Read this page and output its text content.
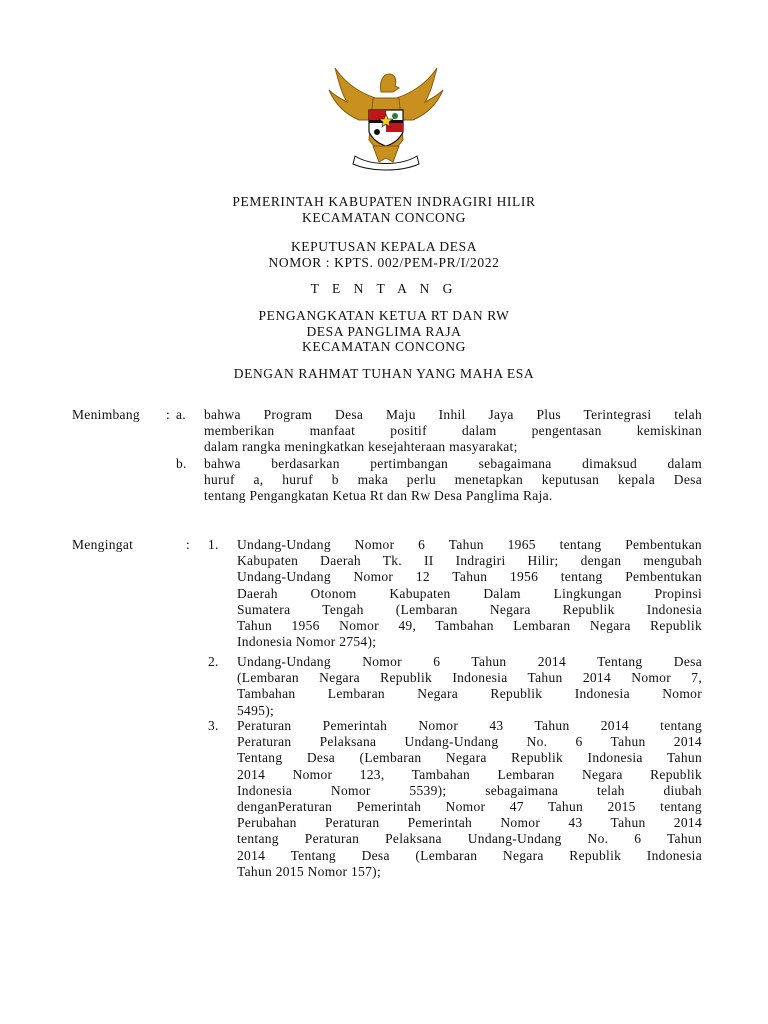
PEMERINTAH KABUPATEN INDRAGIRI HILIR
KECAMATAN CONCONG
KEPUTUSAN KEPALA DESA
NOMOR : KPTS. 002/PEM-PR/I/2022
T E N T A N G
PENGANGKATAN KETUA RT DAN RW
DESA PANGLIMA RAJA
KECAMATAN CONCONG
DENGAN RAHMAT TUHAN YANG MAHA ESA
Menimbang : a. bahwa Program Desa Maju Inhil Jaya Plus Terintegrasi telah
memberikan manfaat positif dalam pengentasan kemiskinan
dalam rangka meningkatkan kesejahteraan masyarakat;
b. bahwa berdasarkan pertimbangan sebagaimana dimaksud dalam
huruf a, huruf b maka perlu menetapkan keputusan kepala Desa
tentang Pengangkatan Ketua Rt dan Rw Desa Panglima Raja.
Mengingat	: 1. Undang-Undang Nomor 6 Tahun 1965 tentang Pembentukan
Kabupaten Daerah Tk. II Indragiri Hilir; dengan mengubah
Undang-Undang Nomor 12 Tahun 1956 tentang Pembentukan
Daerah Otonom Kabupaten Dalam Lingkungan Propinsi
Sumatera Tengah (Lembaran Negara Republik Indonesia
Tahun 1956 Nomor 49, Tambahan Lembaran Negara Republik
Indonesia Nomor 2754);
2. Undang-Undang Nomor 6 Tahun 2014 Tentang Desa
(Lembaran Negara Republik Indonesia Tahun 2014 Nomor 7,
Tambahan Lembaran Negara Republik Indonesia Nomor
5495);
3. Peraturan Pemerintah Nomor 43 Tahun 2014 tentang
Peraturan Pelaksana Undang-Undang No. 6 Tahun 2014
Tentang Desa (Lembaran Negara Republik Indonesia Tahun
2014 Nomor 123, Tambahan Lembaran Negara Republik
Indonesia Nomor 5539); sebagaimana telah diubah
denganPeraturan Pemerintah Nomor 47 Tahun 2015 tentang
Perubahan Peraturan Pemerintah Nomor 43 Tahun 2014
tentang Peraturan Pelaksana Undang-Undang No. 6 Tahun
2014 Tentang Desa (Lembaran Negara Republik Indonesia
Tahun 2015 Nomor 157);
